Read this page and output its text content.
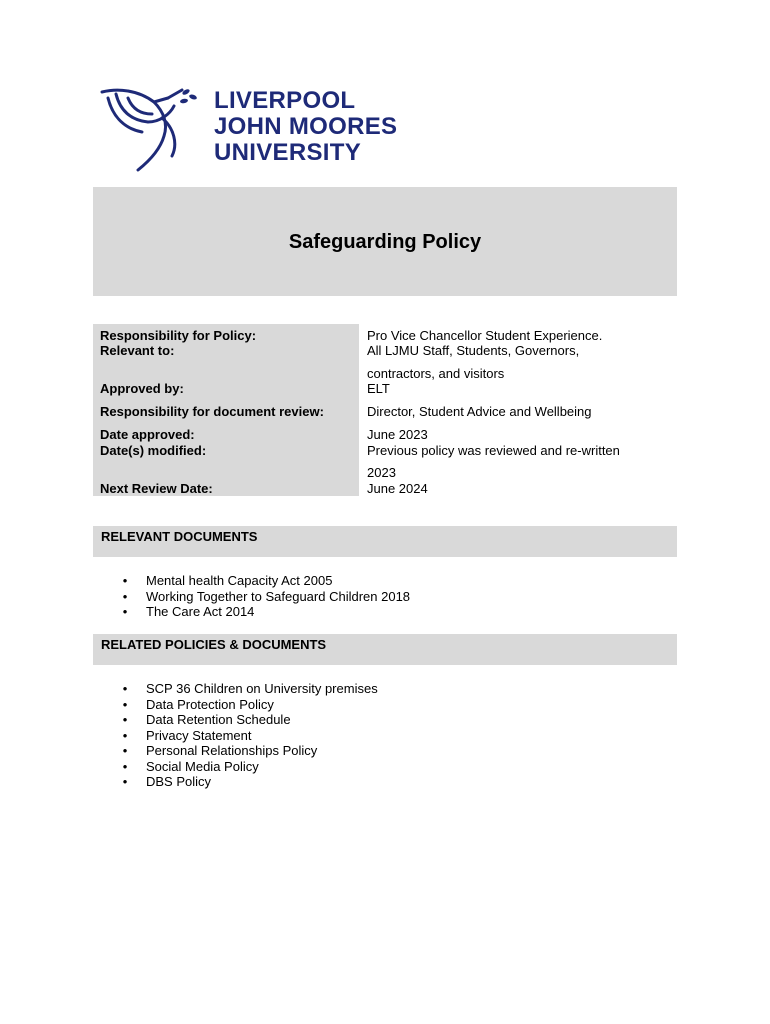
LIVERPOOL
JOHN MOORES
UNIVERSITY
Safeguarding Policy
Responsibility for Policy:	Pro Vice Chancellor Student Experience.
Relevant to:	All LJMU Staff, Students, Governors,
contractors, and visitors
Approved by:	ELT
Responsibility for document review:	Director, Student Advice and Wellbeing
Date approved:	June 2023
Date(s) modified:	Previous policy was reviewed and re-written
2023
Next Review Date:	June 2024
RELEVANT DOCUMENTS
• Mental health Capacity Act 2005
• Working Together to Safeguard Children 2018
• The Care Act 2014
RELATED POLICIES & DOCUMENTS
• SCP 36 Children on University premises
• Data Protection Policy
• Data Retention Schedule
• Privacy Statement
• Personal Relationships Policy
• Social Media Policy
• DBS Policy
